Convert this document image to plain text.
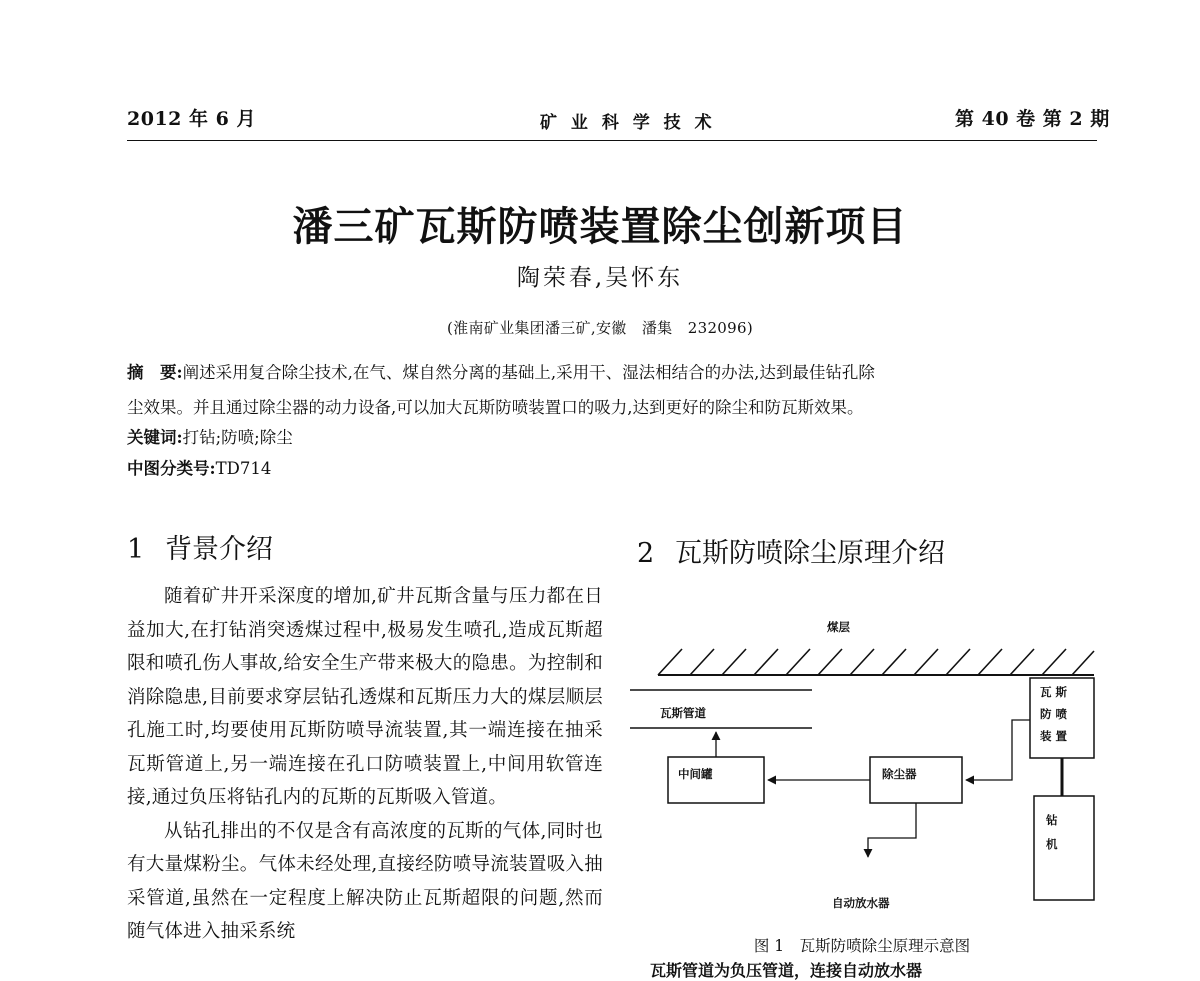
2012 年 6 月	矿 业 科 学 技 术	第 40 卷 第 2 期
潘三矿瓦斯防喷装置除尘创新项目
陶荣春,吴怀东
(淮南矿业集团潘三矿,安徽　潘集　232096)
摘　要:阐述采用复合除尘技术,在气、煤自然分离的基础上,采用干、湿法相结合的办法,达到最佳钻孔除
尘效果。并且通过除尘器的动力设备,可以加大瓦斯防喷装置口的吸力,达到更好的除尘和防瓦斯效果。
关键词:打钻;防喷;除尘
中图分类号:TD714
1 背景介绍

随着矿井开采深度的增加,矿井瓦斯含量与压力都在日益加大,在打钻消突透煤过程中,极易发生喷孔,造成瓦斯超限和喷孔伤人事故,给安全生产带来极大的隐患。为控制和消除隐患,目前要求穿层钻孔透煤和瓦斯压力大的煤层顺层孔施工时,均要使用瓦斯防喷导流装置,其一端连接在抽采瓦斯管道上,另一端连接在孔口防喷装置上,中间用软管连接,通过负压将钻孔内的瓦斯的瓦斯吸入管道。

从钻孔排出的不仅是含有高浓度的瓦斯的气体,同时也有大量煤粉尘。气体未经处理,直接经防喷导流装置吸入抽采管道,虽然在一定程度上解决防止瓦斯超限的问题,然而随气体进入抽采系统

2 瓦斯防喷除尘原理介绍
煤层
瓦斯管道
中间罐	除尘器
瓦 斯
防 喷
装 置
钻
机
自动放水器
图 1　瓦斯防喷除尘原理示意图
瓦斯管道为负压管道，连接自动放水器
